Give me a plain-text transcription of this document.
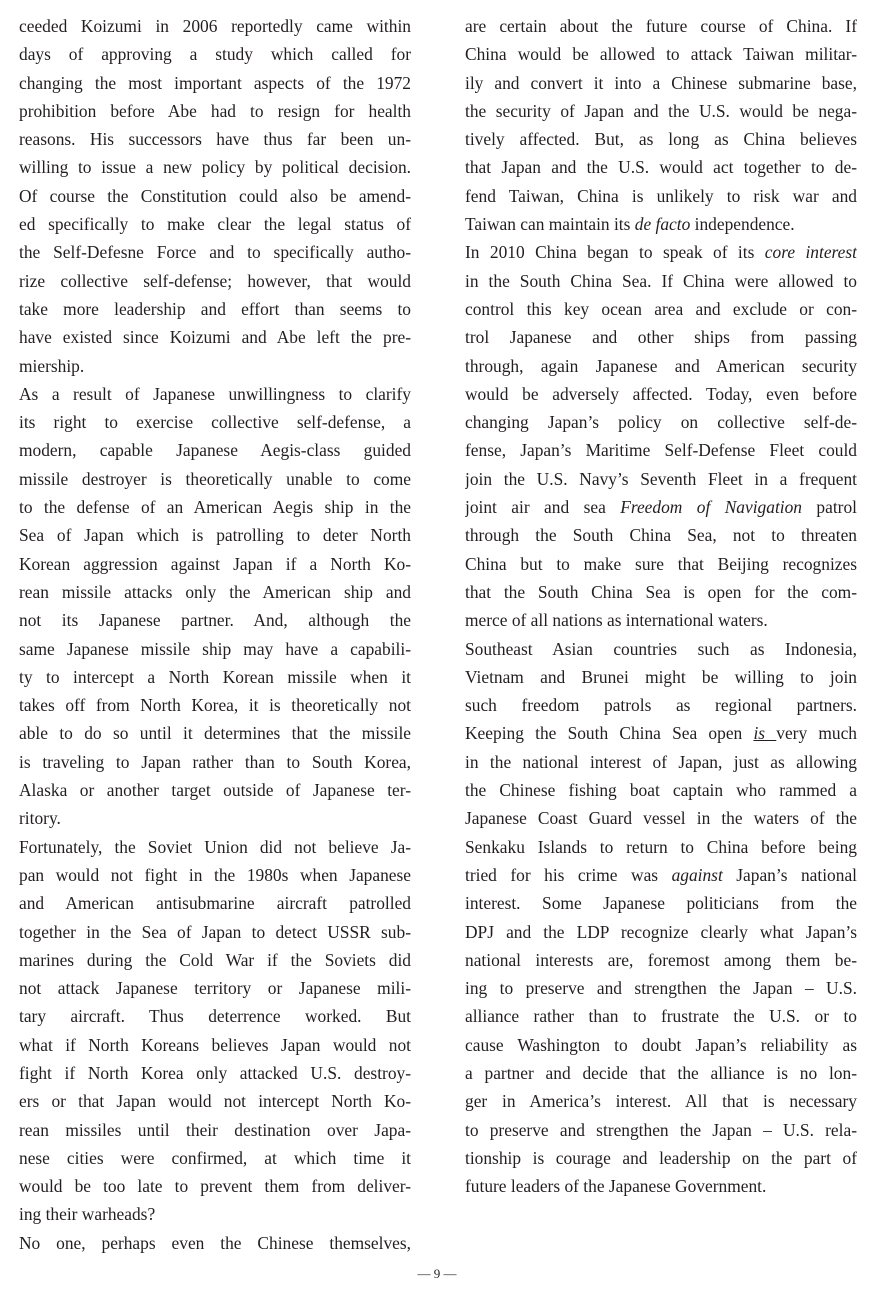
ceeded Koizumi in 2006 reportedly came within
days of approving a study which called for
changing the most important aspects of the 1972
prohibition before Abe had to resign for health
reasons. His successors have thus far been un-
willing to issue a new policy by political decision.
Of course the Constitution could also be amend-
ed specifically to make clear the legal status of
the Self-Defesne Force and to specifically autho-
rize collective self-defense; however, that would
take more leadership and effort than seems to
have existed since Koizumi and Abe left the pre-
miership.
As a result of Japanese unwillingness to clarify
its right to exercise collective self-defense, a
modern, capable Japanese Aegis-class guided
missile destroyer is theoretically unable to come
to the defense of an American Aegis ship in the
Sea of Japan which is patrolling to deter North
Korean aggression against Japan if a North Ko-
rean missile attacks only the American ship and
not its Japanese partner. And, although the
same Japanese missile ship may have a capabili-
ty to intercept a North Korean missile when it
takes off from North Korea, it is theoretically not
able to do so until it determines that the missile
is traveling to Japan rather than to South Korea,
Alaska or another target outside of Japanese ter-
ritory.
Fortunately, the Soviet Union did not believe Ja-
pan would not fight in the 1980s when Japanese
and American antisubmarine aircraft patrolled
together in the Sea of Japan to detect USSR sub-
marines during the Cold War if the Soviets did
not attack Japanese territory or Japanese mili-
tary aircraft. Thus deterrence worked. But
what if North Koreans believes Japan would not
fight if North Korea only attacked U.S. destroy-
ers or that Japan would not intercept North Ko-
rean missiles until their destination over Japa-
nese cities were confirmed, at which time it
would be too late to prevent them from deliver-
ing their warheads?
No one, perhaps even the Chinese themselves,
are certain about the future course of China. If
China would be allowed to attack Taiwan militar-
ily and convert it into a Chinese submarine base,
the security of Japan and the U.S. would be nega-
tively affected. But, as long as China believes
that Japan and the U.S. would act together to de-
fend Taiwan, China is unlikely to risk war and
Taiwan can maintain its de facto independence.
In 2010 China began to speak of its core interest
in the South China Sea. If China were allowed to
control this key ocean area and exclude or con-
trol Japanese and other ships from passing
through, again Japanese and American security
would be adversely affected. Today, even before
changing Japan’s policy on collective self-de-
fense, Japan’s Maritime Self-Defense Fleet could
join the U.S. Navy’s Seventh Fleet in a frequent
joint air and sea Freedom of Navigation patrol
through the South China Sea, not to threaten
China but to make sure that Beijing recognizes
that the South China Sea is open for the com-
merce of all nations as international waters.
Southeast Asian countries such as Indonesia,
Vietnam and Brunei might be willing to join
such freedom patrols as regional partners.
Keeping the South China Sea open is very much
in the national interest of Japan, just as allowing
the Chinese fishing boat captain who rammed a
Japanese Coast Guard vessel in the waters of the
Senkaku Islands to return to China before being
tried for his crime was against Japan’s national
interest. Some Japanese politicians from the
DPJ and the LDP recognize clearly what Japan’s
national interests are, foremost among them be-
ing to preserve and strengthen the Japan – U.S.
alliance rather than to frustrate the U.S. or to
cause Washington to doubt Japan’s reliability as
a partner and decide that the alliance is no lon-
ger in America’s interest. All that is necessary
to preserve and strengthen the Japan – U.S. rela-
tionship is courage and leadership on the part of
future leaders of the Japanese Government.
— 9 —
